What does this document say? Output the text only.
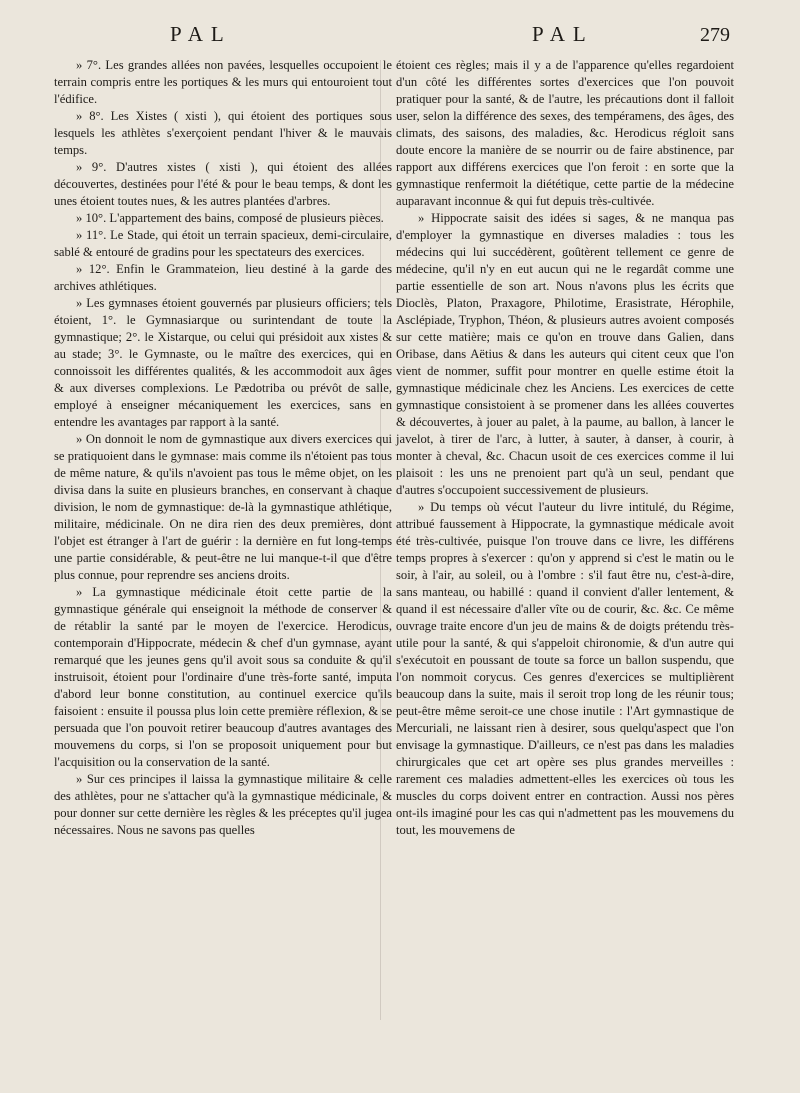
PAL	PAL	279

» 7°. Les grandes allées non pavées, lesquelles occupoient le terrain compris entre les portiques & les murs qui entouroient tout l'édifice.

» 8°. Les Xistes ( xisti ), qui étoient des portiques sous lesquels les athlètes s'exerçoient pendant l'hiver & le mauvais temps.

» 9°. D'autres xistes ( xisti ), qui étoient des allées découvertes, destinées pour l'été & pour le beau temps, & dont les unes étoient toutes nues, & les autres plantées d'arbres.

» 10°. L'appartement des bains, composé de plusieurs pièces.

» 11°. Le Stade, qui étoit un terrain spacieux, demi-circulaire, sablé & entouré de gradins pour les spectateurs des exercices.

» 12°. Enfin le Grammateion, lieu destiné à la garde des archives athlétiques.

» Les gymnases étoient gouvernés par plusieurs officiers; tels étoient, 1°. le Gymnasiarque ou surintendant de toute la gymnastique; 2°. le Xistarque, ou celui qui présidoit aux xistes & au stade; 3°. le Gymnaste, ou le maître des exercices, qui en connoissoit les différentes qualités, & les accommodoit aux âges & aux diverses complexions. Le Pædotriba ou prévôt de salle, employé à enseigner mécaniquement les exercices, sans en entendre les avantages par rapport à la santé.

» On donnoit le nom de gymnastique aux divers exercices qui se pratiquoient dans le gymnase: mais comme ils n'étoient pas tous de même nature, & qu'ils n'avoient pas tous le même objet, on les divisa dans la suite en plusieurs branches, en conservant à chaque division, le nom de gymnastique: de-là la gymnastique athlétique, militaire, médicinale. On ne dira rien des deux premières, dont l'objet est étranger à l'art de guérir : la dernière en fut long-temps une partie considérable, & peut-être ne lui manque-t-il que d'être plus connue, pour reprendre ses anciens droits.

» La gymnastique médicinale étoit cette partie de la gymnastique générale qui enseignoit la méthode de conserver & de rétablir la santé par le moyen de l'exercice. Herodicus, contemporain d'Hippocrate, médecin & chef d'un gymnase, ayant remarqué que les jeunes gens qu'il avoit sous sa conduite & qu'il instruisoit, étoient pour l'ordinaire d'une très-forte santé, imputa d'abord leur bonne constitution, au continuel exercice qu'ils faisoient : ensuite il poussa plus loin cette première réflexion, & se persuada que l'on pouvoit retirer beaucoup d'autres avantages des mouvemens du corps, si l'on se proposoit uniquement pour but l'acquisition ou la conservation de la santé.

» Sur ces principes il laissa la gymnastique militaire & celle des athlètes, pour ne s'attacher qu'à la gymnastique médicinale, & pour donner sur cette dernière les règles & les préceptes qu'il jugea nécessaires. Nous ne savons pas quelles

étoient ces règles; mais il y a de l'apparence qu'elles regardoient d'un côté les différentes sortes d'exercices que l'on pouvoit pratiquer pour la santé, & de l'autre, les précautions dont il falloit user, selon la différence des sexes, des tempéramens, des âges, des climats, des saisons, des maladies, &c. Herodicus régloit sans doute encore la manière de se nourrir ou de faire abstinence, par rapport aux différens exercices que l'on feroit : en sorte que la gymnastique renfermoit la diététique, cette partie de la médecine auparavant inconnue & qui fut depuis très-cultivée.

» Hippocrate saisit des idées si sages, & ne manqua pas d'employer la gymnastique en diverses maladies : tous les médecins qui lui succédèrent, goûtèrent tellement ce genre de médecine, qu'il n'y en eut aucun qui ne le regardât comme une partie essentielle de son art. Nous n'avons plus les écrits que Dioclès, Platon, Praxagore, Philotime, Erasistrate, Hérophile, Asclépiade, Tryphon, Théon, & plusieurs autres avoient composés sur cette matière; mais ce qu'on en trouve dans Galien, dans Oribase, dans Aëtius & dans les auteurs qui citent ceux que l'on vient de nommer, suffit pour montrer en quelle estime étoit la gymnastique médicinale chez les Anciens. Les exercices de cette gymnastique consistoient à se promener dans les allées couvertes & découvertes, à jouer au palet, à la paume, au ballon, à lancer le javelot, à tirer de l'arc, à lutter, à sauter, à danser, à courir, à monter à cheval, &c. Chacun usoit de ces exercices comme il lui plaisoit : les uns ne prenoient part qu'à un seul, pendant que d'autres s'occupoient successivement de plusieurs.

» Du temps où vécut l'auteur du livre intitulé, du Régime, attribué faussement à Hippocrate, la gymnastique médicale avoit été très-cultivée, puisque l'on trouve dans ce livre, les différens temps propres à s'exercer : qu'on y apprend si c'est le matin ou le soir, à l'air, au soleil, ou à l'ombre : s'il faut être nu, c'est-à-dire, sans manteau, ou habillé : quand il convient d'aller lentement, & quand il est nécessaire d'aller vîte ou de courir, &c. &c. Ce même ouvrage traite encore d'un jeu de mains & de doigts prétendu très-utile pour la santé, & qui s'appeloit chironomie, & d'un autre qui s'exécutoit en poussant de toute sa force un ballon suspendu, que l'on nommoit corycus. Ces genres d'exercices se multiplièrent beaucoup dans la suite, mais il seroit trop long de les réunir tous; peut-être même seroit-ce une chose inutile : l'Art gymnastique de Mercuriali, ne laissant rien à desirer, sous quelqu'aspect que l'on envisage la gymnastique. D'ailleurs, ce n'est pas dans les maladies chirurgicales que cet art opère ses plus grandes merveilles : rarement ces maladies admettent-elles les exercices où tous les muscles du corps doivent entrer en contraction. Aussi nos pères ont-ils imaginé pour les cas qui n'admettent pas les mouvemens du tout, les mouvemens de
